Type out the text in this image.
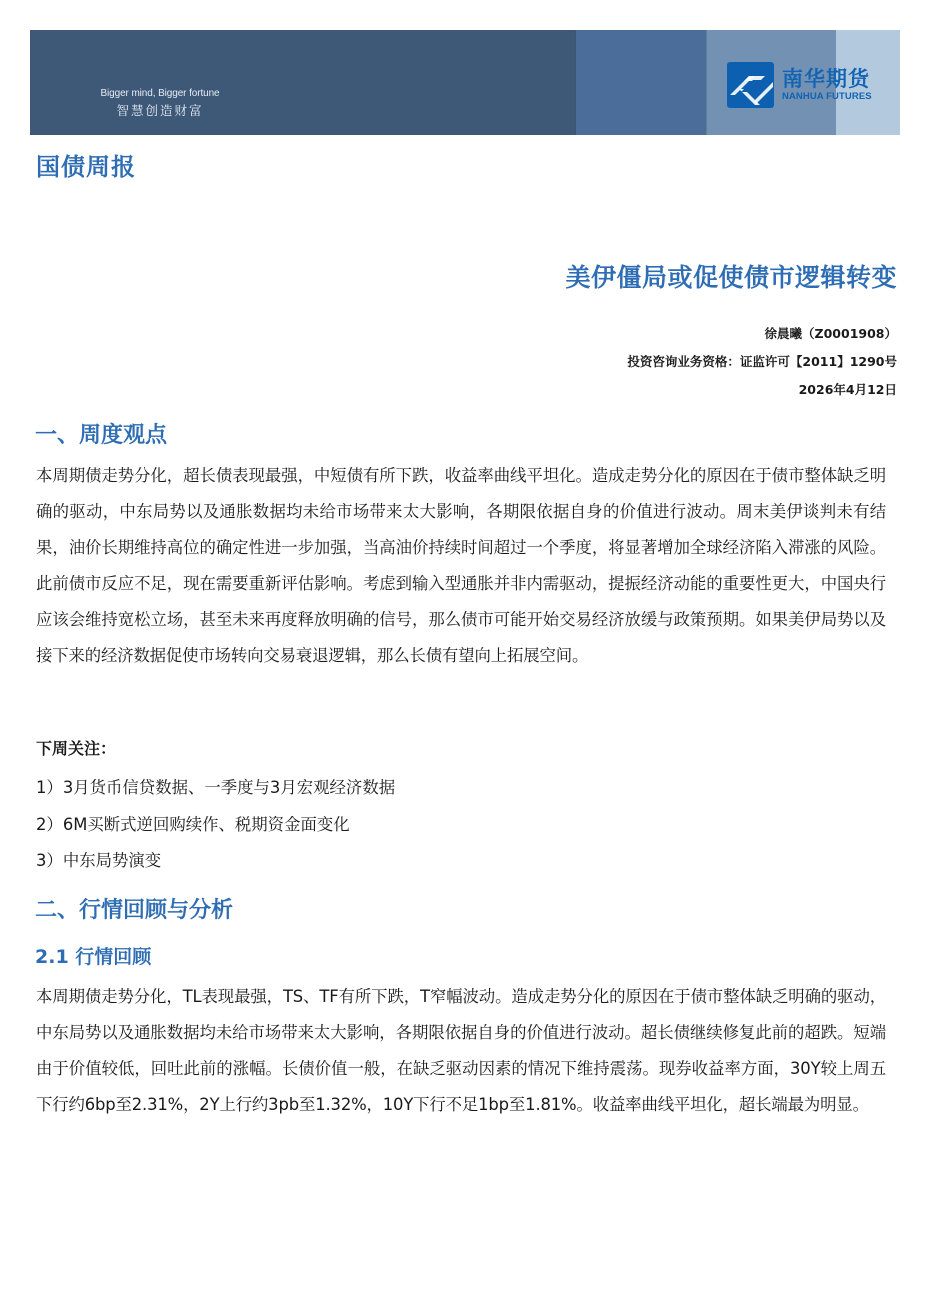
Bigger mind, Bigger fortune
智慧创造财富
南华期货
NANHUA FUTURES
国债周报
美伊僵局或促使债市逻辑转变
徐晨曦（Z0001908）
投资咨询业务资格：证监许可【2011】1290号
2026年4月12日
一、周度观点

本周期债走势分化，超长债表现最强，中短债有所下跌，收益率曲线平坦化。造成走势分化的原因在于债市整体缺乏明确的驱动，中东局势以及通胀数据均未给市场带来太大影响，各期限依据自身的价值进行波动。周末美伊谈判未有结果，油价长期维持高位的确定性进一步加强，当高油价持续时间超过一个季度，将显著增加全球经济陷入滞涨的风险。此前债市反应不足，现在需要重新评估影响。考虑到输入型通胀并非内需驱动，提振经济动能的重要性更大，中国央行应该会维持宽松立场，甚至未来再度释放明确的信号，那么债市可能开始交易经济放缓与政策预期。如果美伊局势以及接下来的经济数据促使市场转向交易衰退逻辑，那么长债有望向上拓展空间。

下周关注：

1）3月货币信贷数据、一季度与3月宏观经济数据
2）6M买断式逆回购续作、税期资金面变化
3）中东局势演变
二、行情回顾与分析
2.1 行情回顾

本周期债走势分化，TL表现最强，TS、TF有所下跌，T窄幅波动。造成走势分化的原因在于债市整体缺乏明确的驱动，中东局势以及通胀数据均未给市场带来太大影响，各期限依据自身的价值进行波动。超长债继续修复此前的超跌。短端由于价值较低，回吐此前的涨幅。长债价值一般，在缺乏驱动因素的情况下维持震荡。现券收益率方面，30Y较上周五下行约6bp至2.31%，2Y上行约3pb至1.32%，10Y下行不足1bp至1.81%。收益率曲线平坦化，超长端最为明显。
